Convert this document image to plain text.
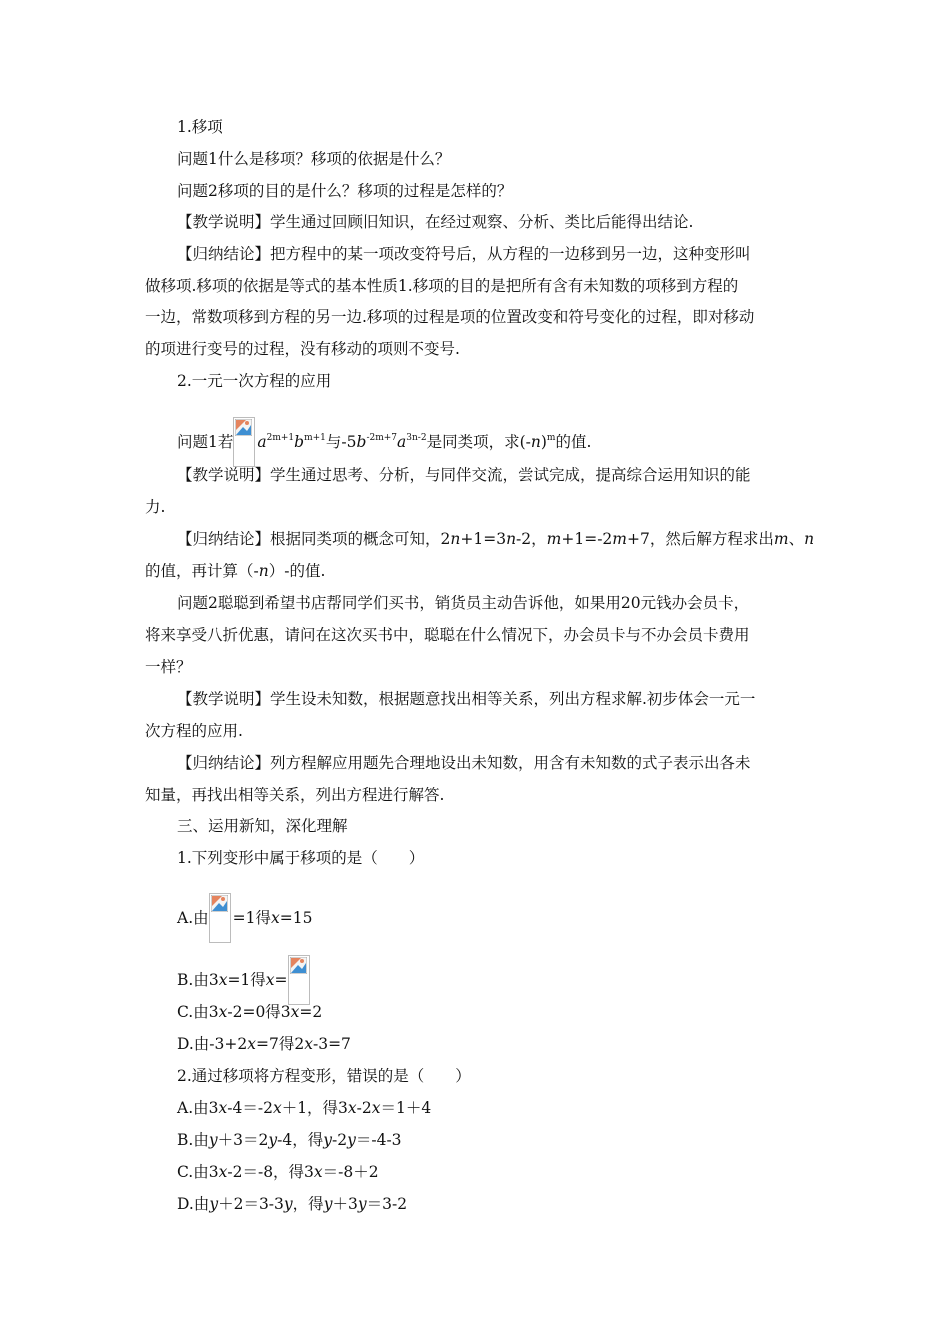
1.移项
问题1什么是移项？移项的依据是什么？
问题2移项的目的是什么？移项的过程是怎样的？
【教学说明】学生通过回顾旧知识，在经过观察、分析、类比后能得出结论.
【归纳结论】把方程中的某一项改变符号后，从方程的一边移到另一边，这种变形叫
做移项.移项的依据是等式的基本性质1.移项的目的是把所有含有未知数的项移到方程的
一边，常数项移到方程的另一边.移项的过程是项的位置改变和符号变化的过程，即对移动
的项进行变号的过程，没有移动的项则不变号.
2.一元一次方程的应用
问题1若 $a^{2m+1}b^{m+1}$与$-5b^{-2m+7}a^{3n-2}$是同类项，求$(-n)^m$的值.
【教学说明】学生通过思考、分析，与同伴交流，尝试完成，提高综合运用知识的能
力.
【归纳结论】根据同类项的概念可知，2n+1=3n-2，m+1=-2m+7，然后解方程求出m、n
的值，再计算（-n）-的值.
问题2聪聪到希望书店帮同学们买书，销货员主动告诉他，如果用20元钱办会员卡，
将来享受八折优惠，请问在这次买书中，聪聪在什么情况下，办会员卡与不办会员卡费用
一样？
【教学说明】学生设未知数，根据题意找出相等关系，列出方程求解.初步体会一元一
次方程的应用.
【归纳结论】列方程解应用题先合理地设出未知数，用含有未知数的式子表示出各未
知量，再找出相等关系，列出方程进行解答.
三、运用新知，深化理解
1.下列变形中属于移项的是（　　）
A.由 =1得x=15
B.由3x=1得x=
C.由3x-2=0得3x=2
D.由-3+2x=7得2x-3=7
2.通过移项将方程变形，错误的是（　　）
A.由3x-4＝-2x＋1，得3x-2x＝1＋4
B.由y＋3＝2y-4，得y-2y＝-4-3
C.由3x-2＝-8，得3x＝-8＋2
D.由y＋2＝3-3y，得y＋3y＝3-2
